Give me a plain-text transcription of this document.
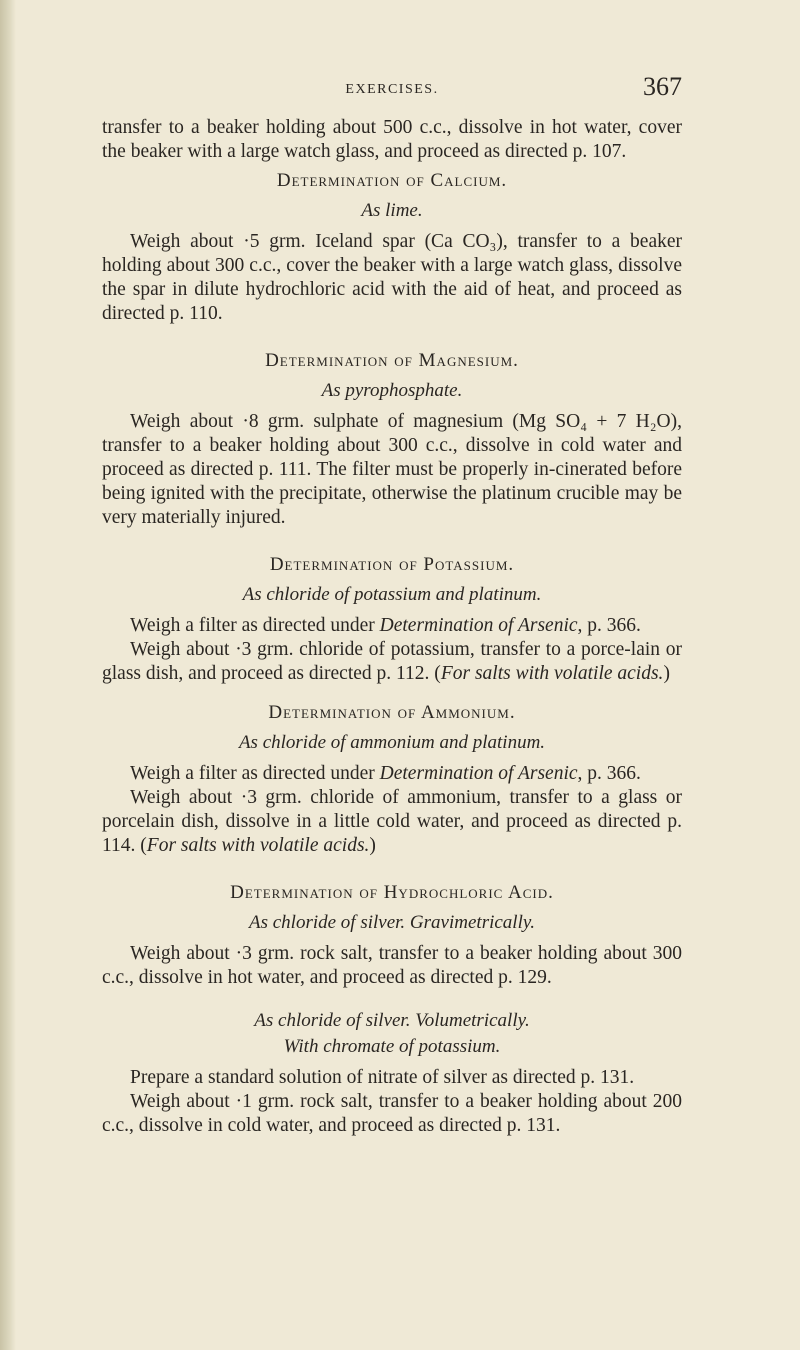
EXERCISES.	367

transfer to a beaker holding about 500 c.c., dissolve in hot water, cover the beaker with a large watch glass, and proceed as directed p. 107.

Determination of Calcium.
As lime.

Weigh about ·5 grm. Iceland spar (Ca CO₃), transfer to a beaker holding about 300 c.c., cover the beaker with a large watch glass, dissolve the spar in dilute hydrochloric acid with the aid of heat, and proceed as directed p. 110.

Determination of Magnesium.
As pyrophosphate.

Weigh about ·8 grm. sulphate of magnesium (Mg SO₄ + 7 H₂O), transfer to a beaker holding about 300 c.c., dissolve in cold water and proceed as directed p. 111. The filter must be properly in-cinerated before being ignited with the precipitate, otherwise the platinum crucible may be very materially injured.

Determination of Potassium.
As chloride of potassium and platinum.

Weigh a filter as directed under Determination of Arsenic, p. 366.

Weigh about ·3 grm. chloride of potassium, transfer to a porce-lain or glass dish, and proceed as directed p. 112. (For salts with volatile acids.)

Determination of Ammonium.
As chloride of ammonium and platinum.

Weigh a filter as directed under Determination of Arsenic, p. 366.

Weigh about ·3 grm. chloride of ammonium, transfer to a glass or porcelain dish, dissolve in a little cold water, and proceed as directed p. 114. (For salts with volatile acids.)

Determination of Hydrochloric Acid.
As chloride of silver. Gravimetrically.

Weigh about ·3 grm. rock salt, transfer to a beaker holding about 300 c.c., dissolve in hot water, and proceed as directed p. 129.

As chloride of silver. Volumetrically.
With chromate of potassium.

Prepare a standard solution of nitrate of silver as directed p. 131.

Weigh about ·1 grm. rock salt, transfer to a beaker holding about 200 c.c., dissolve in cold water, and proceed as directed p. 131.
